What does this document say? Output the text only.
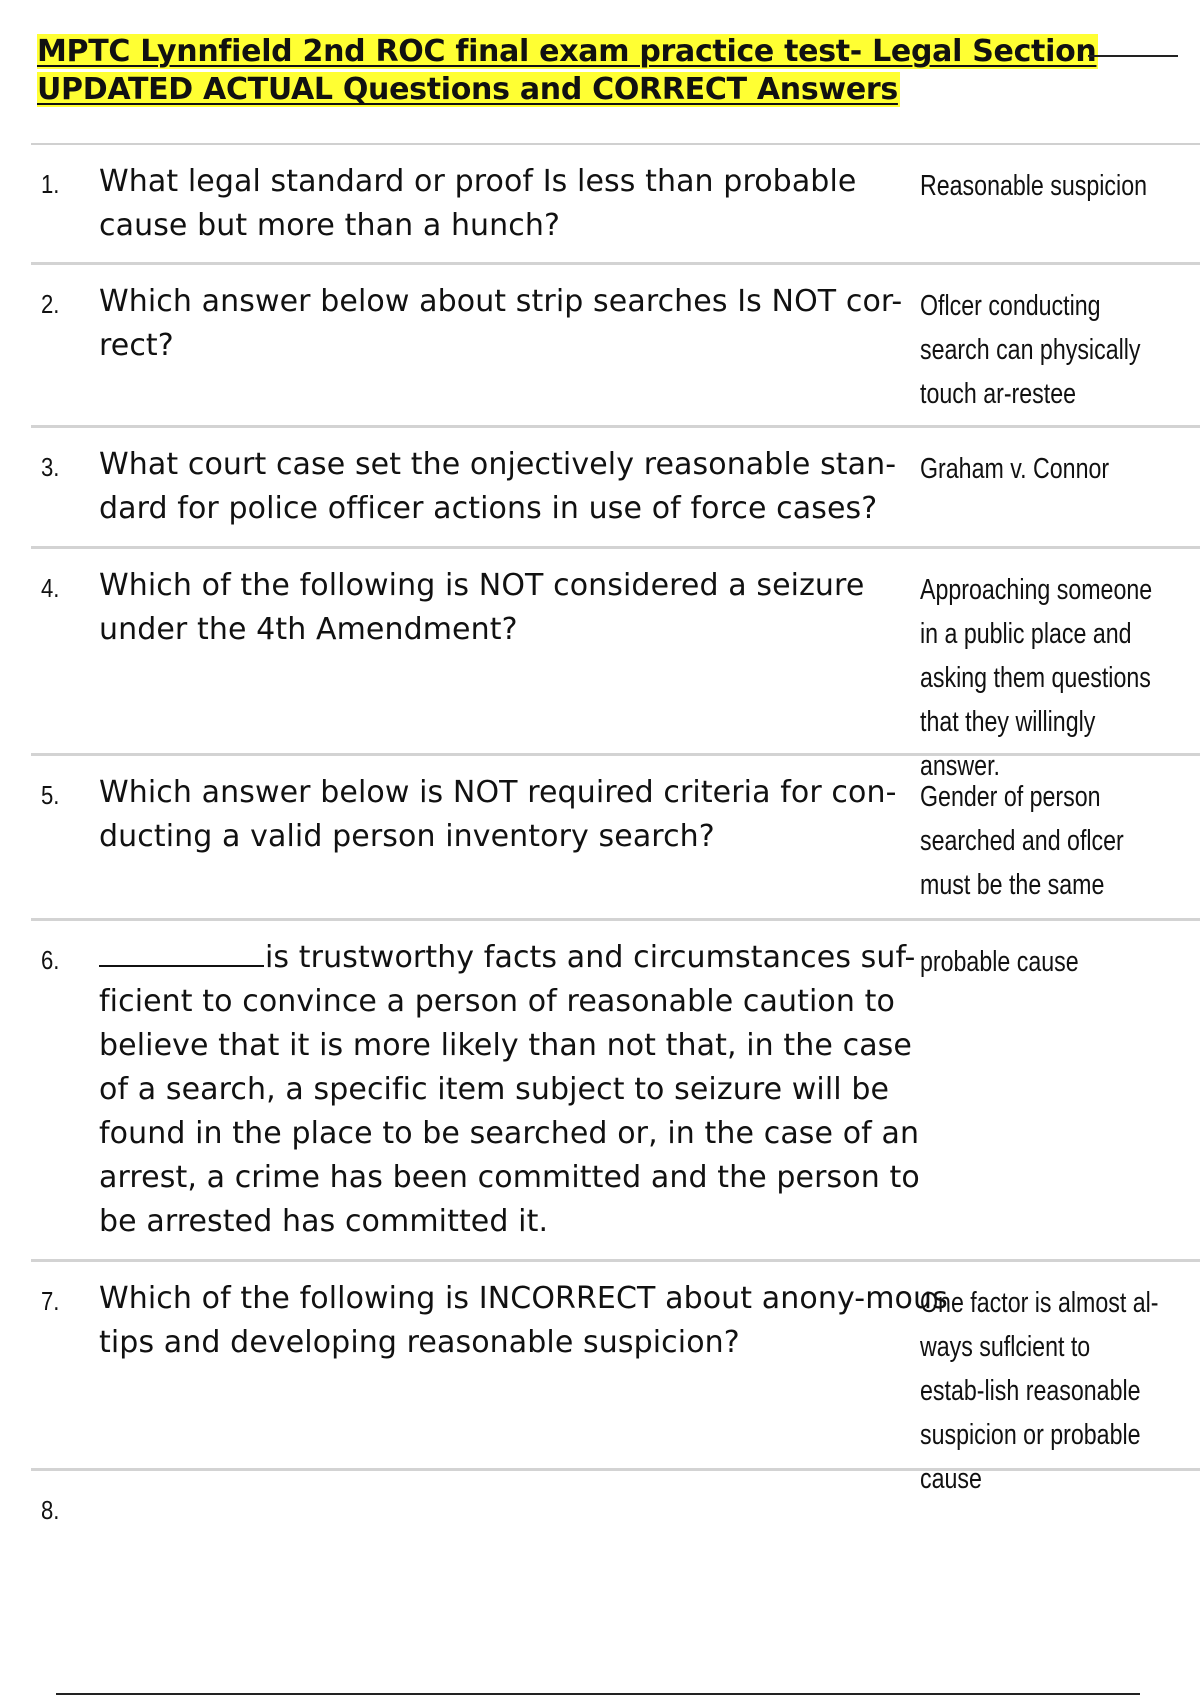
MPTC Lynnfield 2nd ROC final exam practice test- Legal Section
UPDATED ACTUAL Questions and CORRECT Answers
1. What legal standard or proof Is less than probable cause but more than a hunch?
Reasonable suspicion
2. Which answer below about strip searches Is NOT cor-rect?
Oflcer conducting search can physically touch ar-restee
3. What court case set the onjectively reasonable stan-dard for police officer actions in use of force cases?
Graham v. Connor
4. Which of the following is NOT considered a seizure under the 4th Amendment?
Approaching someone in a public place and asking them questions that they willingly answer.
5. Which answer below is NOT required criteria for con-ducting a valid person inventory search?
Gender of person searched and oflcer must be the same
6.	is trustworthy facts and circumstances suf-ficient to convince a person of reasonable caution to believe that it is more likely than not that, in the case of a search, a specific item subject to seizure will be found in the place to be searched or, in the case of an arrest, a crime has been committed and the person to be arrested has committed it.
probable cause
7. Which of the following is INCORRECT about anony-mous tips and developing reasonable suspicion?
One factor is almost al-ways suflcient to estab-lish reasonable suspicion or probable cause
8.
